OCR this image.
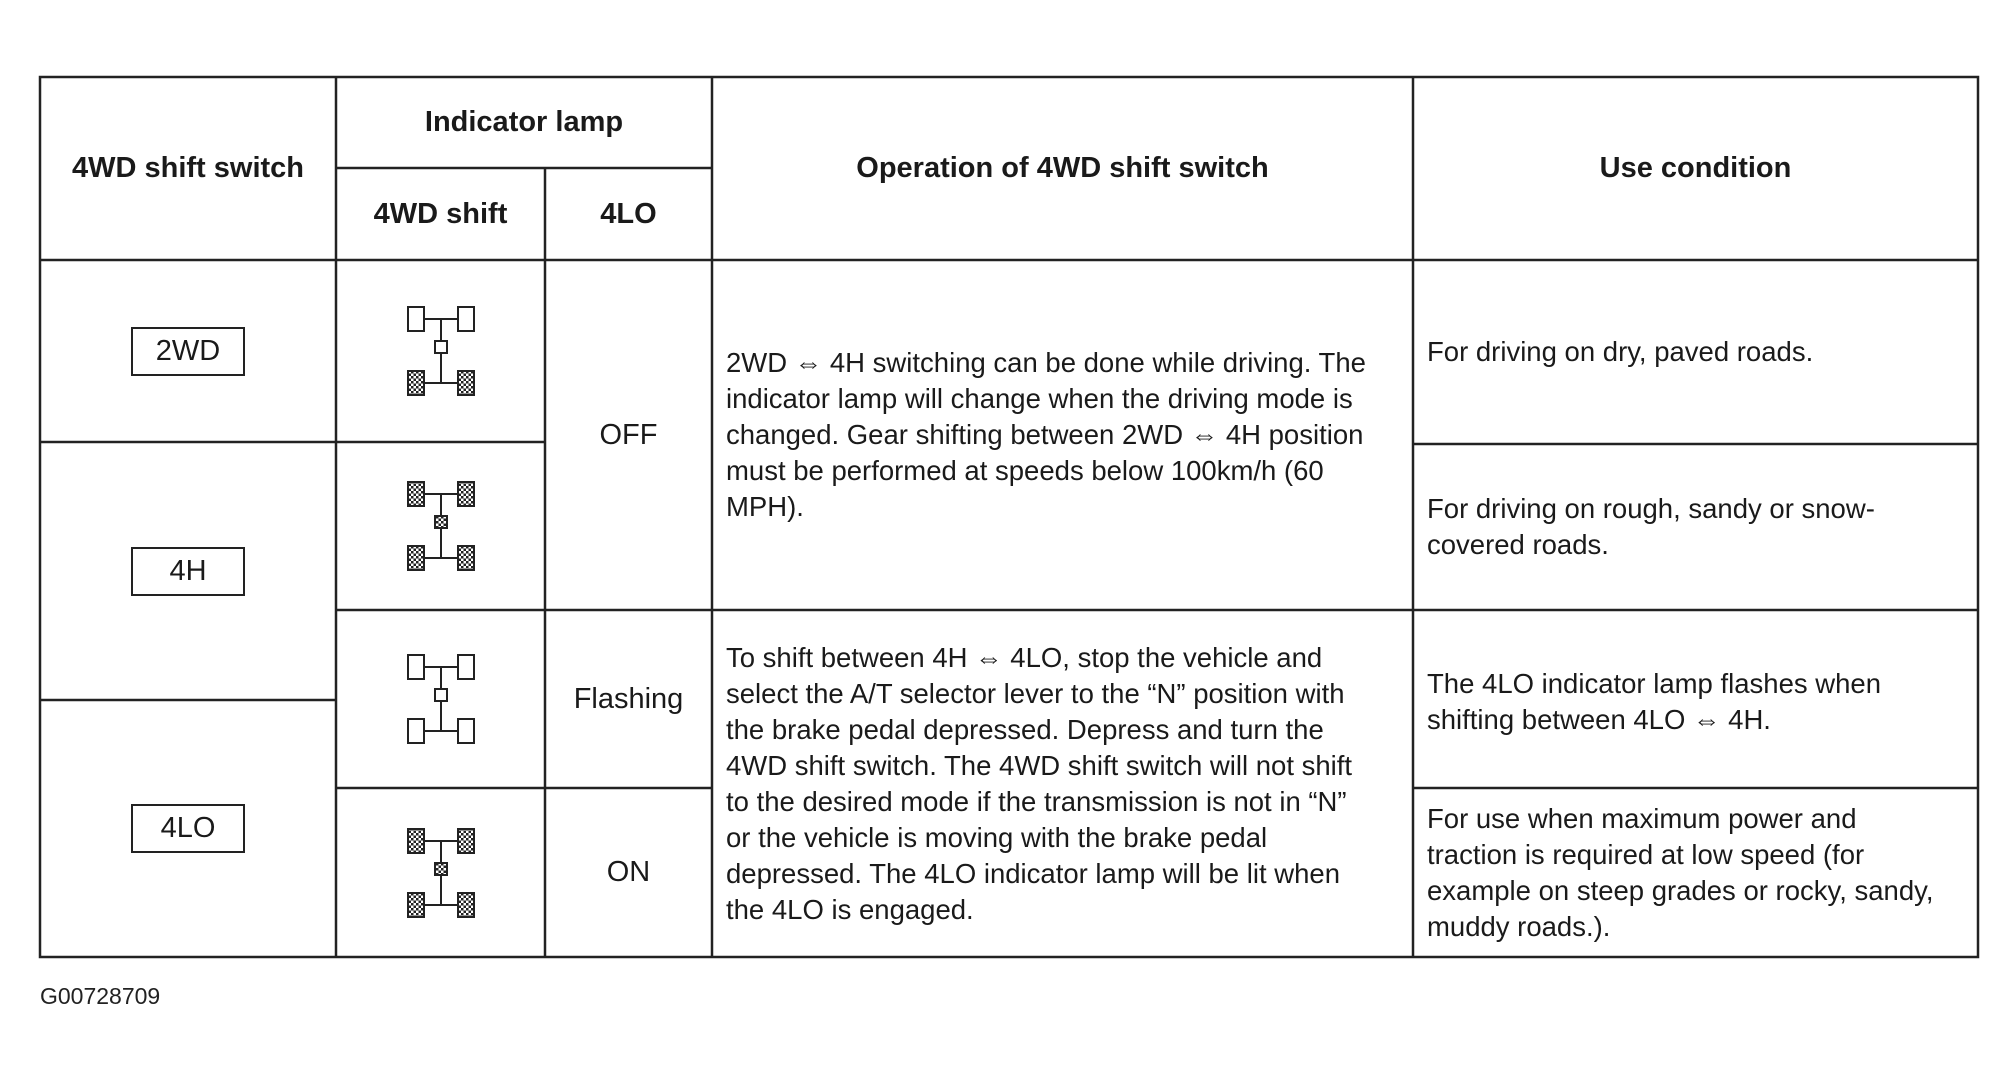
4WD shift switch
Indicator lamp
4WD shift	4LO
Operation of 4WD shift switch	Use condition
2WD
4H
4LO
OFF
Flashing
ON
2WD ⇔ 4H switching can be done while driving. The
indicator lamp will change when the driving mode is
changed. Gear shifting between 2WD ⇔ 4H position
must be performed at speeds below 100km/h (60
MPH).
To shift between 4H ⇔ 4LO, stop the vehicle and
select the A/T selector lever to the “N” position with
the brake pedal depressed. Depress and turn the
4WD shift switch. The 4WD shift switch will not shift
to the desired mode if the transmission is not in “N”
or the vehicle is moving with the brake pedal
depressed. The 4LO indicator lamp will be lit when
the 4LO is engaged.
For driving on dry, paved roads.
For driving on rough, sandy or snow-
covered roads.
The 4LO indicator lamp flashes when
shifting between 4LO ⇔ 4H.
For use when maximum power and
traction is required at low speed (for
example on steep grades or rocky, sandy,
muddy roads.).
G00728709
